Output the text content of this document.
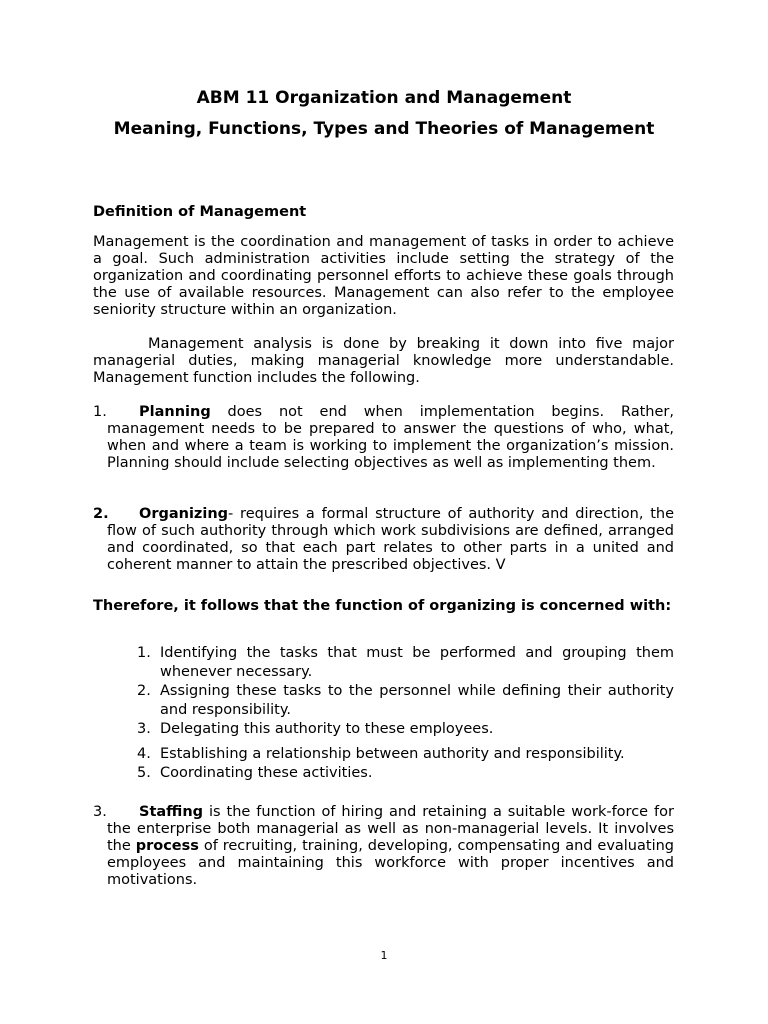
ABM 11 Organization and Management
Meaning, Functions, Types and Theories of Management
Definition of Management

Management is the coordination and management of tasks in order to achieve a goal. Such administration activities include setting the strategy of the organization and coordinating personnel efforts to achieve these goals through the use of available resources. Management can also refer to the employee seniority structure within an organization.

Management analysis is done by breaking it down into five major managerial duties, making managerial knowledge more understandable. Management function includes the following.

Planning does not end when implementation begins. Rather, management needs to be prepared to answer the questions of who, what, when and where a team is working to implement the organization’s mission. Planning should include selecting objectives as well as implementing them.

Organizing- requires a formal structure of authority and direction, the flow of such authority through which work subdivisions are defined, arranged and coordinated, so that each part relates to other parts in a united and coherent manner to attain the prescribed objectives. V

Therefore, it follows that the function of organizing is concerned with:
1. Identifying the tasks that must be performed and grouping them whenever necessary.
2. Assigning these tasks to the personnel while defining their authority and responsibility.
3. Delegating this authority to these employees.
4. Establishing a relationship between authority and responsibility.
5. Coordinating these activities.

Staffing is the function of hiring and retaining a suitable work-force for the enterprise both managerial as well as non-managerial levels. It involves the process of recruiting, training, developing, compensating and evaluating employees and maintaining this workforce with proper incentives and motivations.

1.
2.
3.
1
